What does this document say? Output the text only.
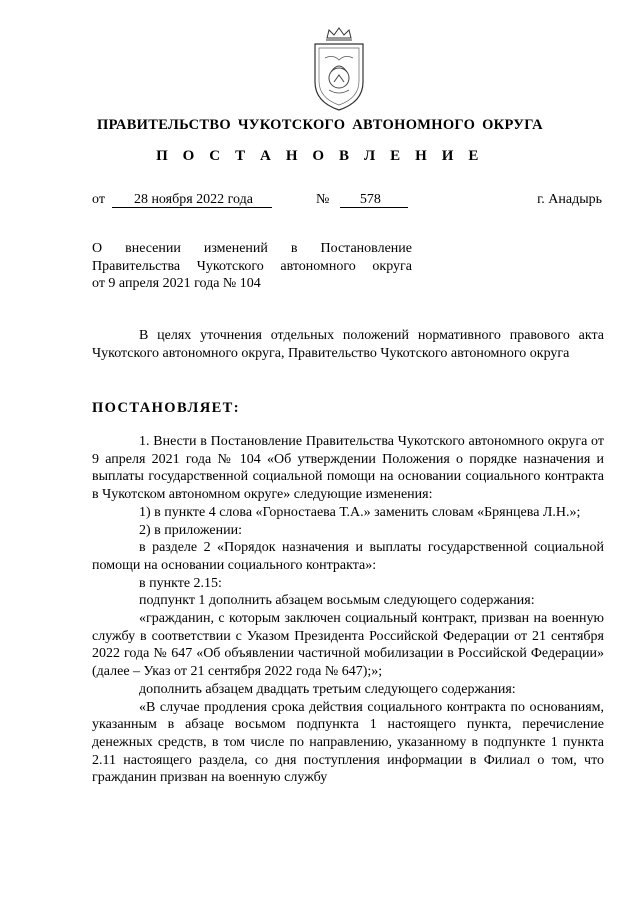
ПРАВИТЕЛЬСТВО ЧУКОТСКОГО АВТОНОМНОГО ОКРУГА
П О С Т А Н О В Л Е Н И Е
от 28 ноября 2022 года	№ 578	г. Анадырь
О внесении изменений в Постановление
Правительства Чукотского автономного округа
от 9 апреля 2021 года № 104

В целях уточнения отдельных положений нормативного правового акта Чукотского автономного округа, Правительство Чукотского автономного округа

ПОСТАНОВЛЯЕТ:

1. Внести в Постановление Правительства Чукотского автономного округа от 9 апреля 2021 года № 104 «Об утверждении Положения о порядке назначения и выплаты государственной социальной помощи на основании социального контракта в Чукотском автономном округе» следующие изменения:

1) в пункте 4 слова «Горностаева Т.А.» заменить словам «Брянцева Л.Н.»;

2) в приложении:

в разделе 2 «Порядок назначения и выплаты государственной социальной помощи на основании социального контракта»:

в пункте 2.15:

подпункт 1 дополнить абзацем восьмым следующего содержания:

«гражданин, с которым заключен социальный контракт, призван на военную службу в соответствии с Указом Президента Российской Федерации от 21 сентября 2022 года № 647 «Об объявлении частичной мобилизации в Российской Федерации» (далее – Указ от 21 сентября 2022 года № 647);»;

дополнить абзацем двадцать третьим следующего содержания:

«В случае продления срока действия социального контракта по основаниям, указанным в абзаце восьмом подпункта 1 настоящего пункта, перечисление денежных средств, в том числе по направлению, указанному в подпункте 1 пункта 2.11 настоящего раздела, со дня поступления информации в Филиал о том, что гражданин призван на военную службу
